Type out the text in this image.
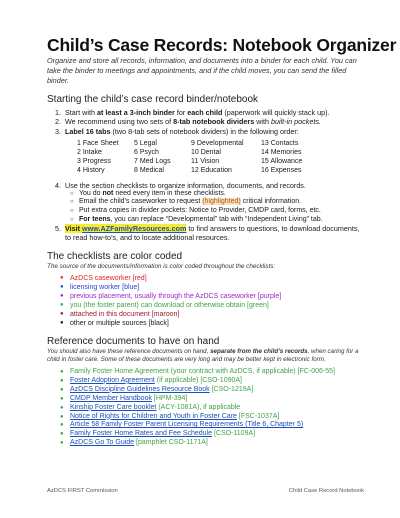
Child’s Case Records: Notebook Organizer

Organize and store all records, information, and documents into a binder for each child. You can take the binder to meetings and appointments, and if the child moves, you can send the filled binder.

Starting the child’s case record binder/notebook
1. Start with at least a 3-inch binder for each child (paperwork will quickly stack up).
2. We recommend using two sets of 8-tab notebook dividers with built-in pockets.
3. Label 16 tabs (two 8-tab sets of notebook dividers) in the following order:
1 Face Sheet	5 Legal	9 Developmental	13 Contacts
2 Intake	6 Psych	10 Dental	14 Memories
3 Progress	7 Med Logs	11 Vision	15 Allowance
4 History	8 Medical	12 Education	16 Expenses
4. Use the section checklists to organize information, documents, and records.
○ You do not need every item in these checklists.
○ Email the child’s caseworker to request (highlighted) critical information.
○ Put extra copies in divider pockets: Notice to Provider, CMDP card, forms, etc.
○ For teens, you can replace “Developmental” tab with “Independent Living” tab.
5. Visit www.AZFamilyResources.com to find answers to questions, to download documents, to read how-to’s, and to locate additional resources.
The checklists are color coded

The source of the documents/information is color coded throughout the checklists:

● AzDCS caseworker [red]
● licensing worker [blue]
● previous placement, usually through the AzDCS caseworker [purple]
● you (the foster parent) can download or otherwise obtain [green]
● attached in this document [maroon]
● other or multiple sources [black]
Reference documents to have on hand

You should also have these reference documents on hand, separate from the child’s records, when caring for a child in foster care. Some of these documents are very long and may be better kept in electronic form.

● Family Foster Home Agreement (your contract with AzDCS, if applicable) [FC-006-55]
● Foster Adoption Agreement (if applicable) [CSO-1090A]
● AzDCS Discipline Guidelines Resource Book [CSO-1219A]
● CMDP Member Handbook [HPM-394]
● Kinship Foster Care booklet (ACY-1081A), if applicable
● Notice of Rights for Children and Youth in Foster Care [FSC-1037A]
● Article 58 Family Foster Parent Licensing Requirements (Title 6, Chapter 5)
● Family Foster Home Rates and Fee Schedule [CSO-1109A]
● AzDCS Go To Guide [pamphlet CSO-1171A]
AzDCS FIRST Commission	Child Case Record Notebook
